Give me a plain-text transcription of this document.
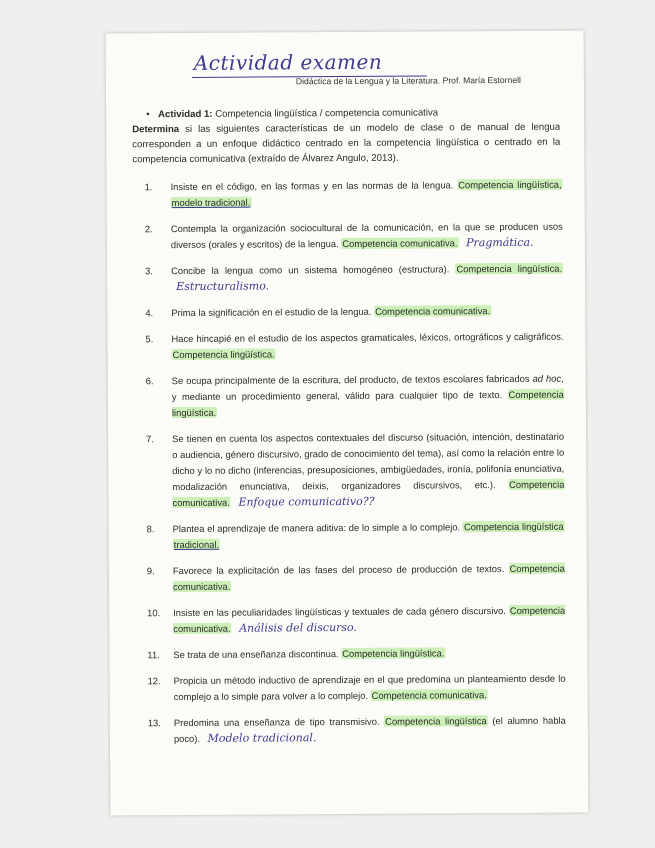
Actividad examen
Didáctica de la Lengua y la Literatura. Prof. María Estornell
• Actividad 1: Competencia lingüística / competencia comunicativa
Determina si las siguientes características de un modelo de clase o de manual de lengua corresponden a un enfoque didáctico centrado en la competencia lingüística o centrado en la competencia comunicativa (extraído de Álvarez Angulo, 2013).
1. Insiste en el código, en las formas y en las normas de la lengua. Competencia lingüística, modelo tradicional.
2. Contempla la organización sociocultural de la comunicación, en la que se producen usos diversos (orales y escritos) de la lengua. Competencia comunicativa. Pragmática.
3. Concibe la lengua como un sistema homogéneo (estructura). Competencia lingüística. Estructuralismo.
4. Prima la significación en el estudio de la lengua. Competencia comunicativa.
5. Hace hincapié en el estudio de los aspectos gramaticales, léxicos, ortográficos y caligráficos. Competencia lingüística.
6. Se ocupa principalmente de la escritura, del producto, de textos escolares fabricados ad hoc, y mediante un procedimiento general, válido para cualquier tipo de texto. Competencia lingüística.
7. Se tienen en cuenta los aspectos contextuales del discurso (situación, intención, destinatario o audiencia, género discursivo, grado de conocimiento del tema), así como la relación entre lo dicho y lo no dicho (inferencias, presuposiciones, ambigüedades, ironía, polifonía enunciativa, modalización enunciativa, deixis, organizadores discursivos, etc.). Competencia comunicativa. Enfoque comunicativo??
8. Plantea el aprendizaje de manera aditiva: de lo simple a lo complejo. Competencia lingüística tradicional.
9. Favorece la explicitación de las fases del proceso de producción de textos. Competencia comunicativa.
10. Insiste en las peculiaridades lingüísticas y textuales de cada género discursivo. Competencia comunicativa. Análisis del discurso.
11. Se trata de una enseñanza discontinua. Competencia lingüística.
12. Propicia un método inductivo de aprendizaje en el que predomina un planteamiento desde lo complejo a lo simple para volver a lo complejo. Competencia comunicativa.
13. Predomina una enseñanza de tipo transmisivo. Competencia lingüística (el alumno habla poco). Modelo tradicional.
